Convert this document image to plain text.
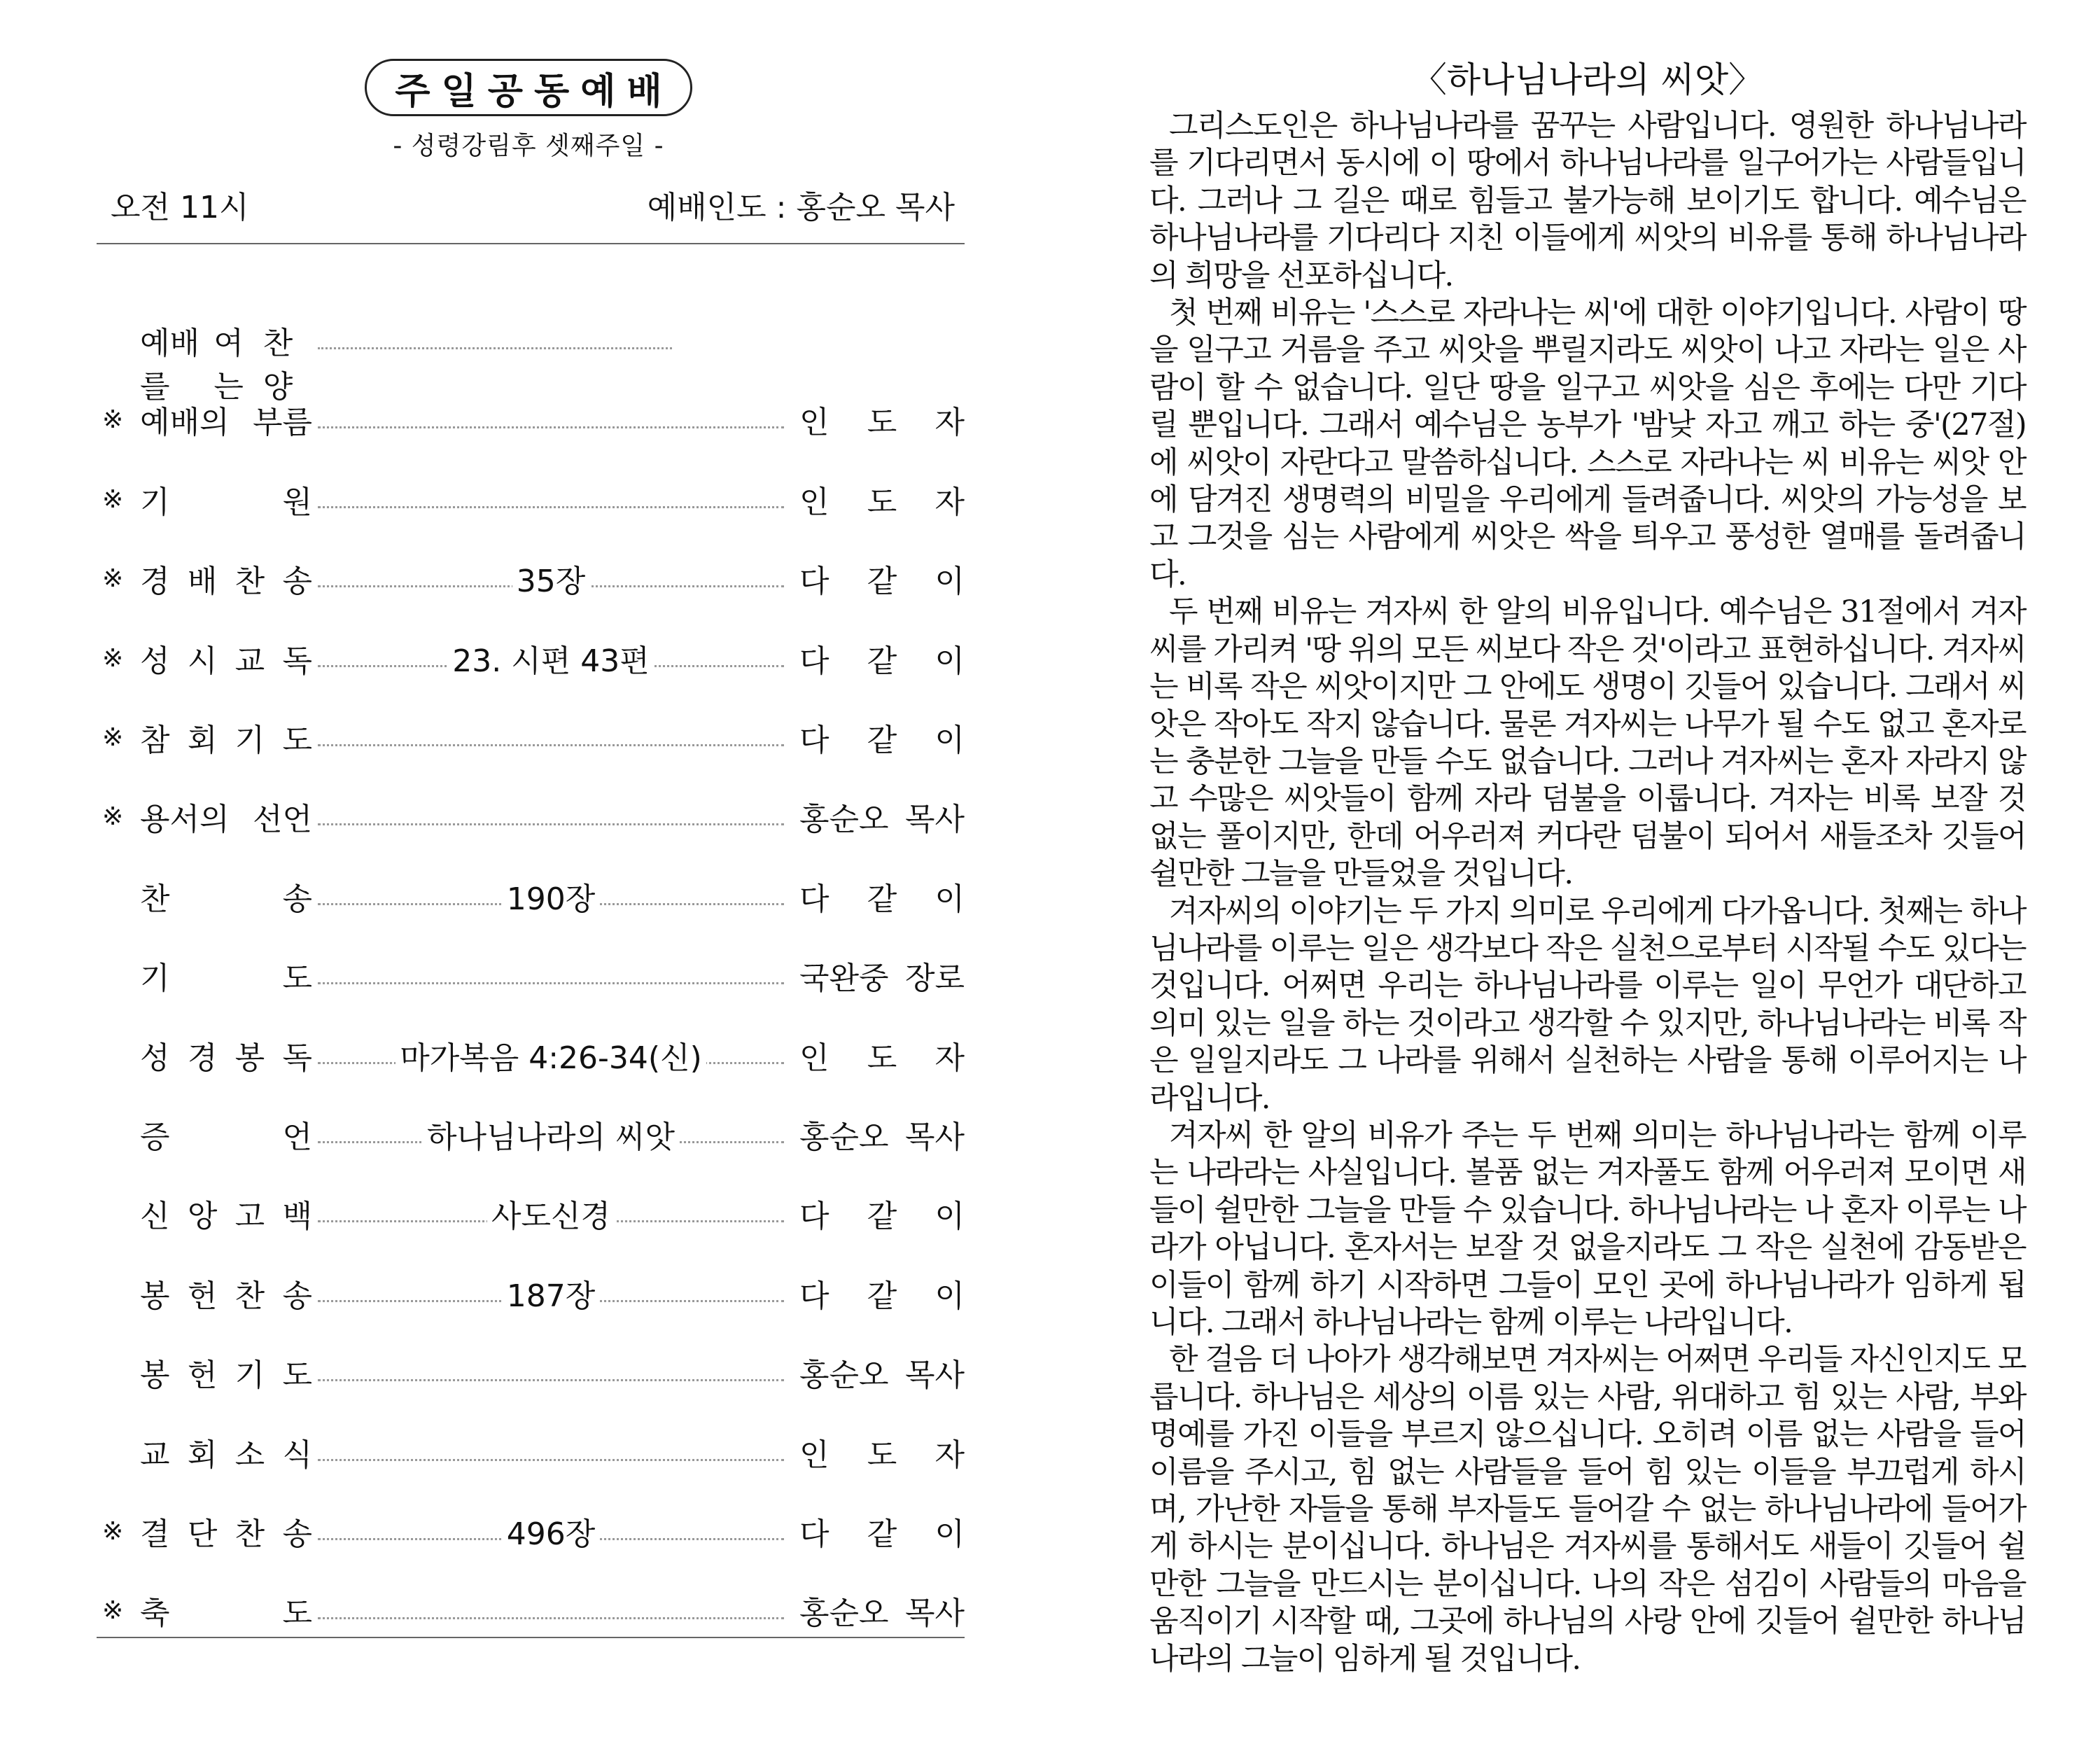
주일공동예배
- 성령강림후 셋째주일 -
오전 11시	예배인도 : 홍순오 목사
예배를
여는
찬양
※ 예배의 부름	인 도 자
※ 기	원	인 도 자
※ 경 배 찬 송	35장	다 같 이
※ 성 시 교 독	23. 시편 43편	다 같 이
※ 참 회 기 도	다 같 이
※ 용서의 선언	홍순오 목사
찬	송	190장	다 같 이
기	도	국완중 장로
성 경 봉 독	마가복음 4:26-34(신)	인 도 자
증	언	하나님나라의 씨앗	홍순오 목사
신 앙 고 백	사도신경	다 같 이
봉 헌 찬 송	187장	다 같 이
봉 헌 기 도	홍순오 목사
교 회 소 식	인 도 자
※ 결 단 찬 송	496장	다 같 이
※ 축	도	홍순오 목사
〈하나님나라의 씨앗〉

그리스도인은 하나님나라를 꿈꾸는 사람입니다. 영원한 하나님나라를 기다리면서 동시에 이 땅에서 하나님나라를 일구어가는 사람들입니다. 그러나 그 길은 때로 힘들고 불가능해 보이기도 합니다. 예수님은 하나님나라를 기다리다 지친 이들에게 씨앗의 비유를 통해 하나님나라의 희망을 선포하십니다.

첫 번째 비유는 '스스로 자라나는 씨'에 대한 이야기입니다. 사람이 땅을 일구고 거름을 주고 씨앗을 뿌릴지라도 씨앗이 나고 자라는 일은 사람이 할 수 없습니다. 일단 땅을 일구고 씨앗을 심은 후에는 다만 기다릴 뿐입니다. 그래서 예수님은 농부가 '밤낮 자고 깨고 하는 중'(27절)에 씨앗이 자란다고 말씀하십니다. 스스로 자라나는 씨 비유는 씨앗 안에 담겨진 생명력의 비밀을 우리에게 들려줍니다. 씨앗의 가능성을 보고 그것을 심는 사람에게 씨앗은 싹을 틔우고 풍성한 열매를 돌려줍니다.

두 번째 비유는 겨자씨 한 알의 비유입니다. 예수님은 31절에서 겨자씨를 가리켜 '땅 위의 모든 씨보다 작은 것'이라고 표현하십니다. 겨자씨는 비록 작은 씨앗이지만 그 안에도 생명이 깃들어 있습니다. 그래서 씨앗은 작아도 작지 않습니다. 물론 겨자씨는 나무가 될 수도 없고 혼자로는 충분한 그늘을 만들 수도 없습니다. 그러나 겨자씨는 혼자 자라지 않고 수많은 씨앗들이 함께 자라 덤불을 이룹니다. 겨자는 비록 보잘 것 없는 풀이지만, 한데 어우러져 커다란 덤불이 되어서 새들조차 깃들어 쉴만한 그늘을 만들었을 것입니다.

겨자씨의 이야기는 두 가지 의미로 우리에게 다가옵니다. 첫째는 하나님나라를 이루는 일은 생각보다 작은 실천으로부터 시작될 수도 있다는 것입니다. 어쩌면 우리는 하나님나라를 이루는 일이 무언가 대단하고 의미 있는 일을 하는 것이라고 생각할 수 있지만, 하나님나라는 비록 작은 일일지라도 그 나라를 위해서 실천하는 사람을 통해 이루어지는 나라입니다.

겨자씨 한 알의 비유가 주는 두 번째 의미는 하나님나라는 함께 이루는 나라라는 사실입니다. 볼품 없는 겨자풀도 함께 어우러져 모이면 새들이 쉴만한 그늘을 만들 수 있습니다. 하나님나라는 나 혼자 이루는 나라가 아닙니다. 혼자서는 보잘 것 없을지라도 그 작은 실천에 감동받은 이들이 함께 하기 시작하면 그들이 모인 곳에 하나님나라가 임하게 됩니다. 그래서 하나님나라는 함께 이루는 나라입니다.

한 걸음 더 나아가 생각해보면 겨자씨는 어쩌면 우리들 자신인지도 모릅니다. 하나님은 세상의 이름 있는 사람, 위대하고 힘 있는 사람, 부와 명예를 가진 이들을 부르지 않으십니다. 오히려 이름 없는 사람을 들어 이름을 주시고, 힘 없는 사람들을 들어 힘 있는 이들을 부끄럽게 하시며, 가난한 자들을 통해 부자들도 들어갈 수 없는 하나님나라에 들어가게 하시는 분이십니다. 하나님은 겨자씨를 통해서도 새들이 깃들어 쉴만한 그늘을 만드시는 분이십니다. 나의 작은 섬김이 사람들의 마음을 움직이기 시작할 때, 그곳에 하나님의 사랑 안에 깃들어 쉴만한 하나님나라의 그늘이 임하게 될 것입니다.
